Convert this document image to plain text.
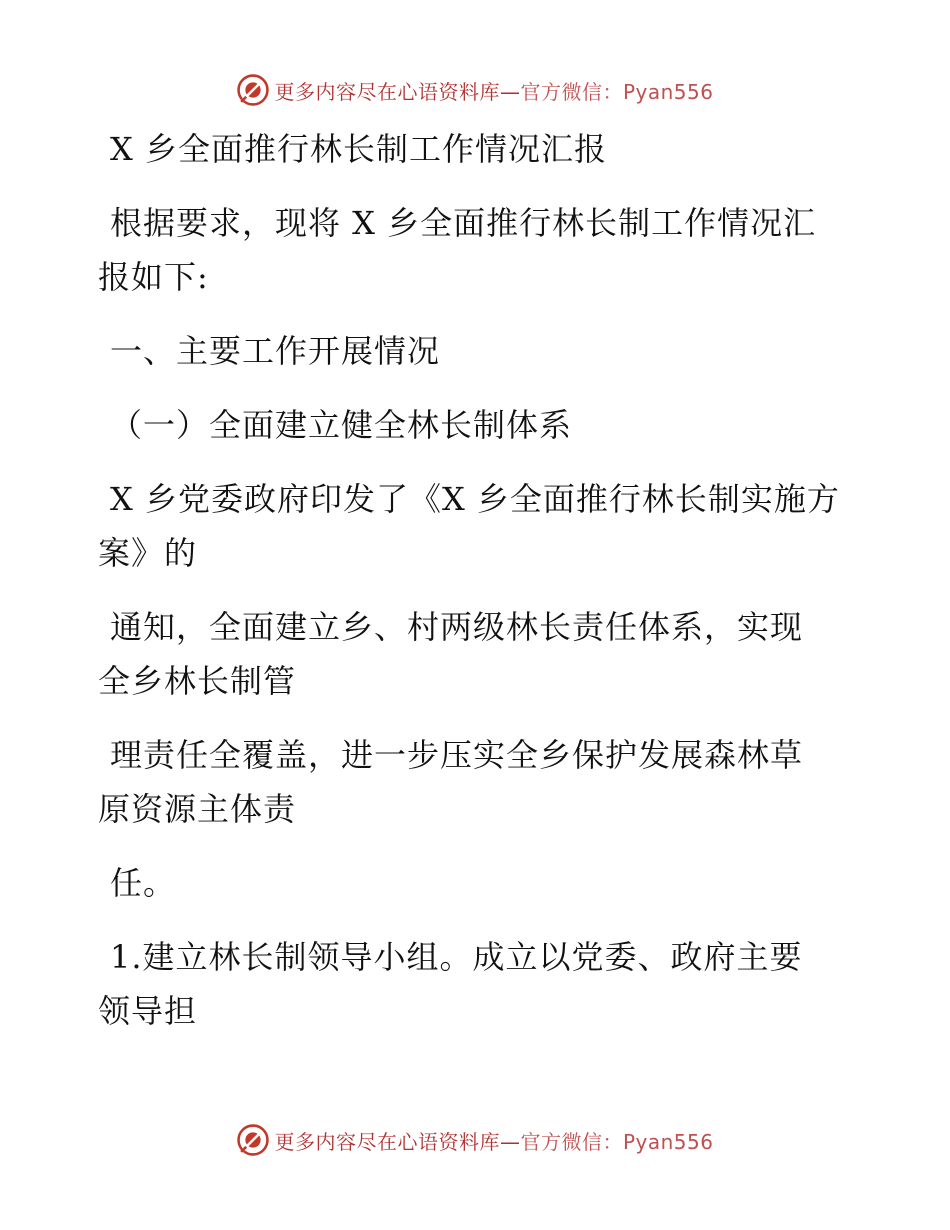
更多内容尽在心语资料库—官方微信：Pyan556
X 乡全面推行林长制工作情况汇报
根据要求，现将 X 乡全面推行林长制工作情况汇
报如下:
一、主要工作开展情况
（一）全面建立健全林长制体系
X 乡党委政府印发了《X 乡全面推行林长制实施方
案》的
通知，全面建立乡、村两级林长责任体系，实现
全乡林长制管
理责任全覆盖，进一步压实全乡保护发展森林草
原资源主体责
任。
1.建立林长制领导小组。成立以党委、政府主要
领导担
更多内容尽在心语资料库—官方微信：Pyan556
